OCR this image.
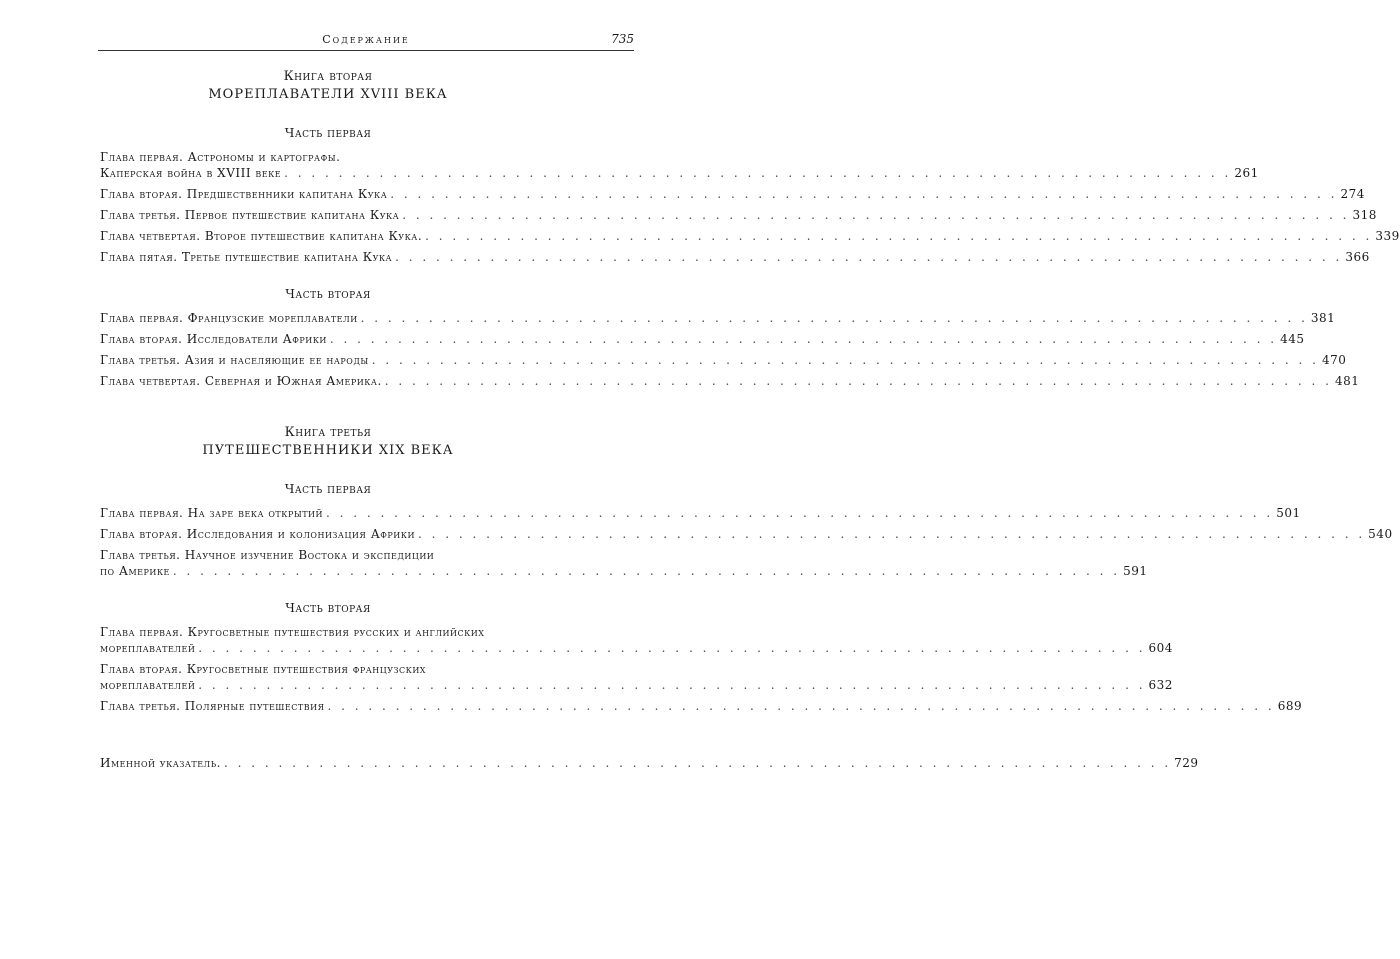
Содержание	735
Книга вторая
МОРЕПЛАВАТЕЛИ XVIII ВЕКА
Часть первая
Глава первая. Астрономы и картографы.
Каперская война в XVIII веке . . . . . . . . . . . . . . . . . . . . . . . . . . . . . . . . . . . . . . . . . . . . . . . . . . . . . . . . . . . . . . . . . . . . . . 261
Глава вторая. Предшественники капитана Кука . . . . . . . . . . . . . . . . . . . . . . . . . . . . . . . . . . . . . . . . . . . . . . . . . . . . . . . . . . . . . . . . . . . . . . 274
Глава третья. Первое путешествие капитана Кука . . . . . . . . . . . . . . . . . . . . . . . . . . . . . . . . . . . . . . . . . . . . . . . . . . . . . . . . . . . . . . . . . . . . . . 318
Глава четвертая. Второе путешествие капитана Кука. . . . . . . . . . . . . . . . . . . . . . . . . . . . . . . . . . . . . . . . . . . . . . . . . . . . . . . . . . . . . . . . . . . . . . . 339
Глава пятая. Третье путешествие капитана Кука . . . . . . . . . . . . . . . . . . . . . . . . . . . . . . . . . . . . . . . . . . . . . . . . . . . . . . . . . . . . . . . . . . . . . . 366
Часть вторая
Глава первая. Французские мореплаватели . . . . . . . . . . . . . . . . . . . . . . . . . . . . . . . . . . . . . . . . . . . . . . . . . . . . . . . . . . . . . . . . . . . . . . 381
Глава вторая. Исследователи Африки . . . . . . . . . . . . . . . . . . . . . . . . . . . . . . . . . . . . . . . . . . . . . . . . . . . . . . . . . . . . . . . . . . . . . . 445
Глава третья. Азия и населяющие ее народы . . . . . . . . . . . . . . . . . . . . . . . . . . . . . . . . . . . . . . . . . . . . . . . . . . . . . . . . . . . . . . . . . . . . . . 470
Глава четвертая. Северная и Южная Америка. . . . . . . . . . . . . . . . . . . . . . . . . . . . . . . . . . . . . . . . . . . . . . . . . . . . . . . . . . . . . . . . . . . . . . . 481
Книга третья
ПУТЕШЕСТВЕННИКИ XIX ВЕКА
Часть первая
Глава первая. На заре века открытий . . . . . . . . . . . . . . . . . . . . . . . . . . . . . . . . . . . . . . . . . . . . . . . . . . . . . . . . . . . . . . . . . . . . . . 501
Глава вторая. Исследования и колонизация Африки . . . . . . . . . . . . . . . . . . . . . . . . . . . . . . . . . . . . . . . . . . . . . . . . . . . . . . . . . . . . . . . . . . . . . . 540
Глава третья. Научное изучение Востока и экспедиции
по Америке . . . . . . . . . . . . . . . . . . . . . . . . . . . . . . . . . . . . . . . . . . . . . . . . . . . . . . . . . . . . . . . . . . . . . . 591
Часть вторая
Глава первая. Кругосветные путешествия русских и английских
мореплавателей . . . . . . . . . . . . . . . . . . . . . . . . . . . . . . . . . . . . . . . . . . . . . . . . . . . . . . . . . . . . . . . . . . . . . . 604
Глава вторая. Кругосветные путешествия французских
мореплавателей . . . . . . . . . . . . . . . . . . . . . . . . . . . . . . . . . . . . . . . . . . . . . . . . . . . . . . . . . . . . . . . . . . . . . . 632
Глава третья. Полярные путешествия . . . . . . . . . . . . . . . . . . . . . . . . . . . . . . . . . . . . . . . . . . . . . . . . . . . . . . . . . . . . . . . . . . . . . . 689
Именной указатель. . . . . . . . . . . . . . . . . . . . . . . . . . . . . . . . . . . . . . . . . . . . . . . . . . . . . . . . . . . . . . . . . . . . . . . 729
